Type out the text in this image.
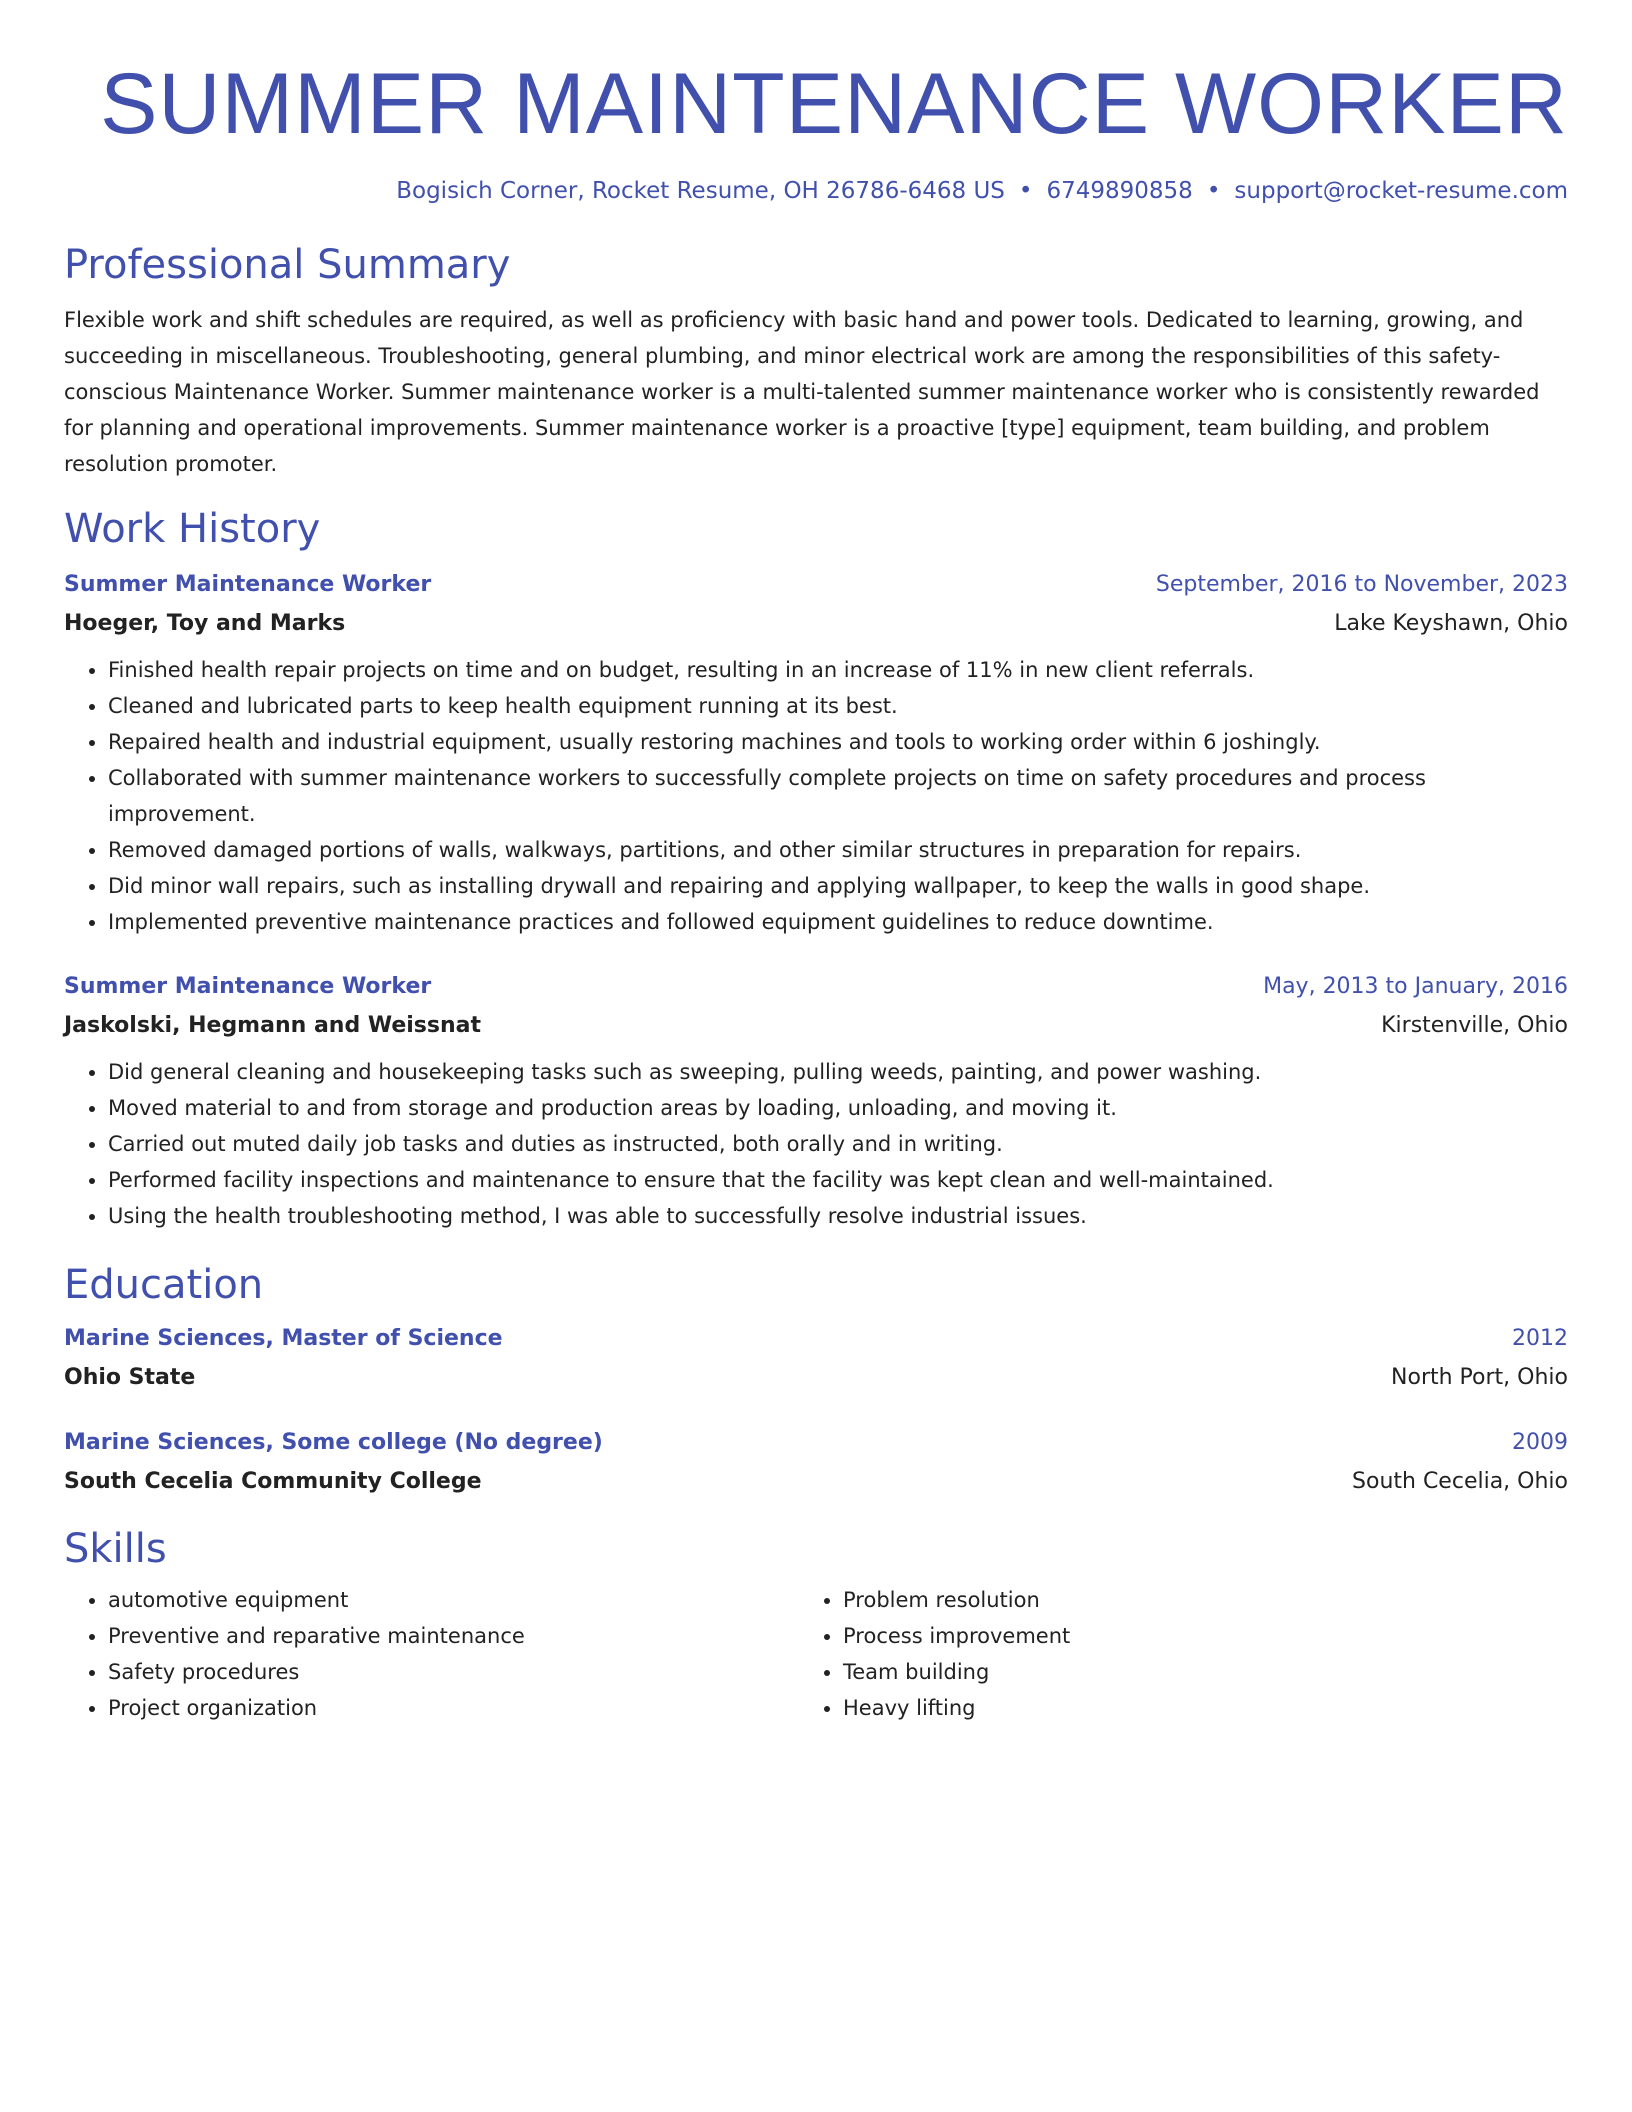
SUMMER MAINTENANCE WORKER
Bogisich Corner, Rocket Resume, OH 26786-6468 US • 6749890858 • support@rocket-resume.com
Professional Summary

Flexible work and shift schedules are required, as well as proficiency with basic hand and power tools. Dedicated to learning, growing, and succeeding in miscellaneous. Troubleshooting, general plumbing, and minor electrical work are among the responsibilities of this safety-conscious Maintenance Worker. Summer maintenance worker is a multi-talented summer maintenance worker who is consistently rewarded for planning and operational improvements. Summer maintenance worker is a proactive [type] equipment, team building, and problem resolution promoter.

Work History
Summer Maintenance Worker	September, 2016 to November, 2023
Hoeger, Toy and Marks	Lake Keyshawn, Ohio
• Finished health repair projects on time and on budget, resulting in an increase of 11% in new client referrals.
• Cleaned and lubricated parts to keep health equipment running at its best.
• Repaired health and industrial equipment, usually restoring machines and tools to working order within 6 joshingly.
• Collaborated with summer maintenance workers to successfully complete projects on time on safety procedures and process improvement.
• Removed damaged portions of walls, walkways, partitions, and other similar structures in preparation for repairs.
• Did minor wall repairs, such as installing drywall and repairing and applying wallpaper, to keep the walls in good shape.
• Implemented preventive maintenance practices and followed equipment guidelines to reduce downtime.
Summer Maintenance Worker	May, 2013 to January, 2016
Jaskolski, Hegmann and Weissnat	Kirstenville, Ohio
• Did general cleaning and housekeeping tasks such as sweeping, pulling weeds, painting, and power washing.
• Moved material to and from storage and production areas by loading, unloading, and moving it.
• Carried out muted daily job tasks and duties as instructed, both orally and in writing.
• Performed facility inspections and maintenance to ensure that the facility was kept clean and well-maintained.
• Using the health troubleshooting method, I was able to successfully resolve industrial issues.
Education
Marine Sciences, Master of Science	2012
Ohio State	North Port, Ohio
Marine Sciences, Some college (No degree)	2009
South Cecelia Community College	South Cecelia, Ohio
Skills
• automotive equipment
• Preventive and reparative maintenance
• Safety procedures
• Project organization
• Problem resolution
• Process improvement
• Team building
• Heavy lifting
